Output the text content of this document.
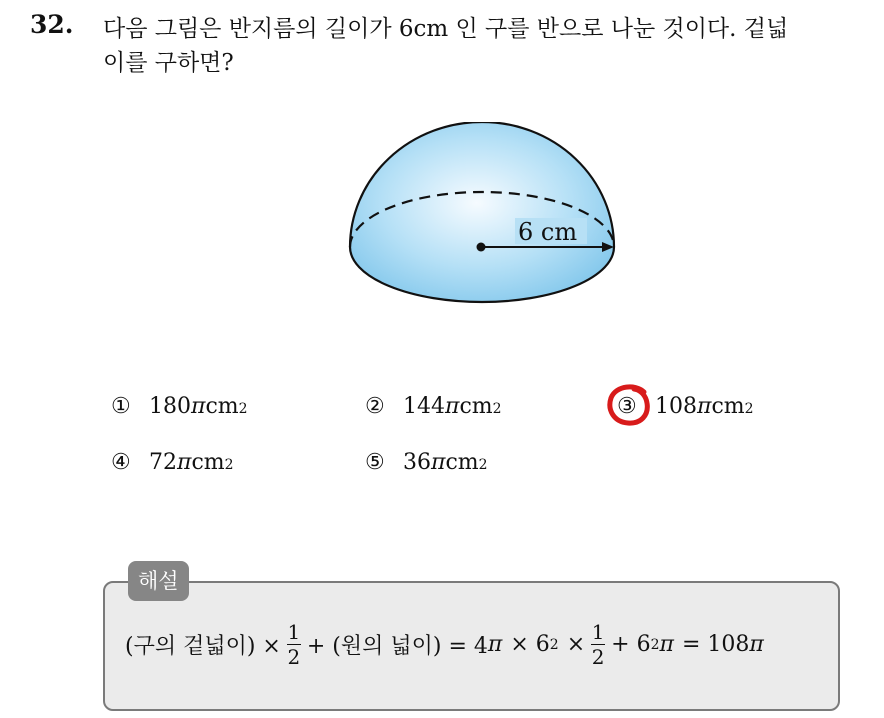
32. 다음 그림은 반지름의 길이가 6cm 인 구를 반으로 나눈 것이다. 겉넓
이를 구하면?
6 cm
① 180 π cm 2	② 144 π cm 2	③ 108 π cm 2
④ 72 π cm 2	⑤ 36 π cm 2
해설
(구의 겉넓이) × $\frac{1}{2}$ + (원의 넓이) = 4 π × 6 $2 \times \frac{1}{2} + 6$ 2 π = 108 π
